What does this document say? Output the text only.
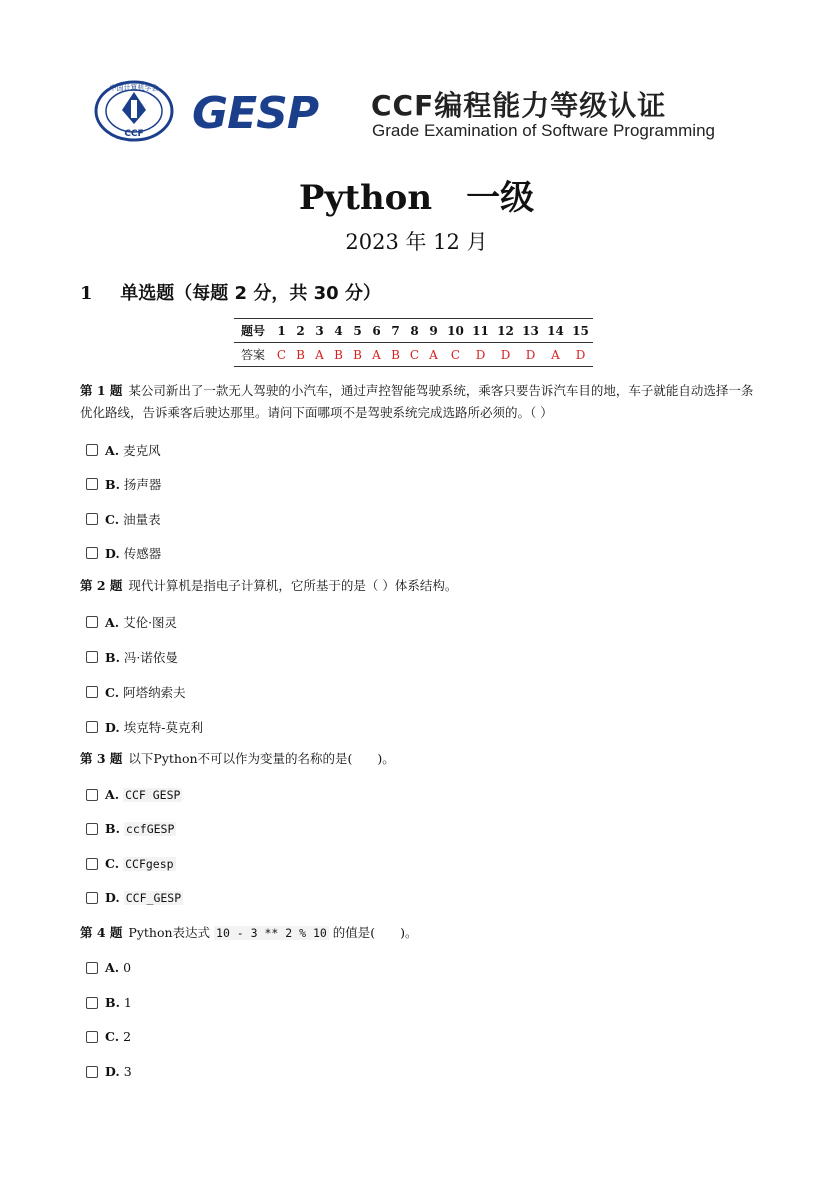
中国计算机学会
CCF GESP CCF编程能力等级认证
Grade Examination of Software Programming
Python　一级
2023 年 12 月
1 单选题（每题 2 分，共 30 分）
题号	1	2	3	4	5	6	7	8	9	10	11	12	13	14	15
答案	C	B	A	B	B	A	B	C	A	C	D	D	D	A	D
第 1 题 某公司新出了一款无人驾驶的小汽车，通过声控智能驾驶系统，乘客只要告诉汽车目的地，车子就能自动选择一条优化路线，告诉乘客后驶达那里。请问下面哪项不是驾驶系统完成选路所必须的。（ ）
A. 麦克风
B. 扬声器
C. 油量表
D. 传感器
第 2 题 现代计算机是指电子计算机，它所基于的是（ ）体系结构。
A. 艾伦·图灵
B. 冯·诺依曼
C. 阿塔纳索夫
D. 埃克特-莫克利
第 3 题 以下Python不可以作为变量的名称的是(　　)。
A. CCF GESP
B. ccfGESP
C. CCFgesp
D. CCF_GESP
第 4 题 Python表达式 10 - 3 ** 2 % 10 的值是(　　)。
A. 0
B. 1
C. 2
D. 3
